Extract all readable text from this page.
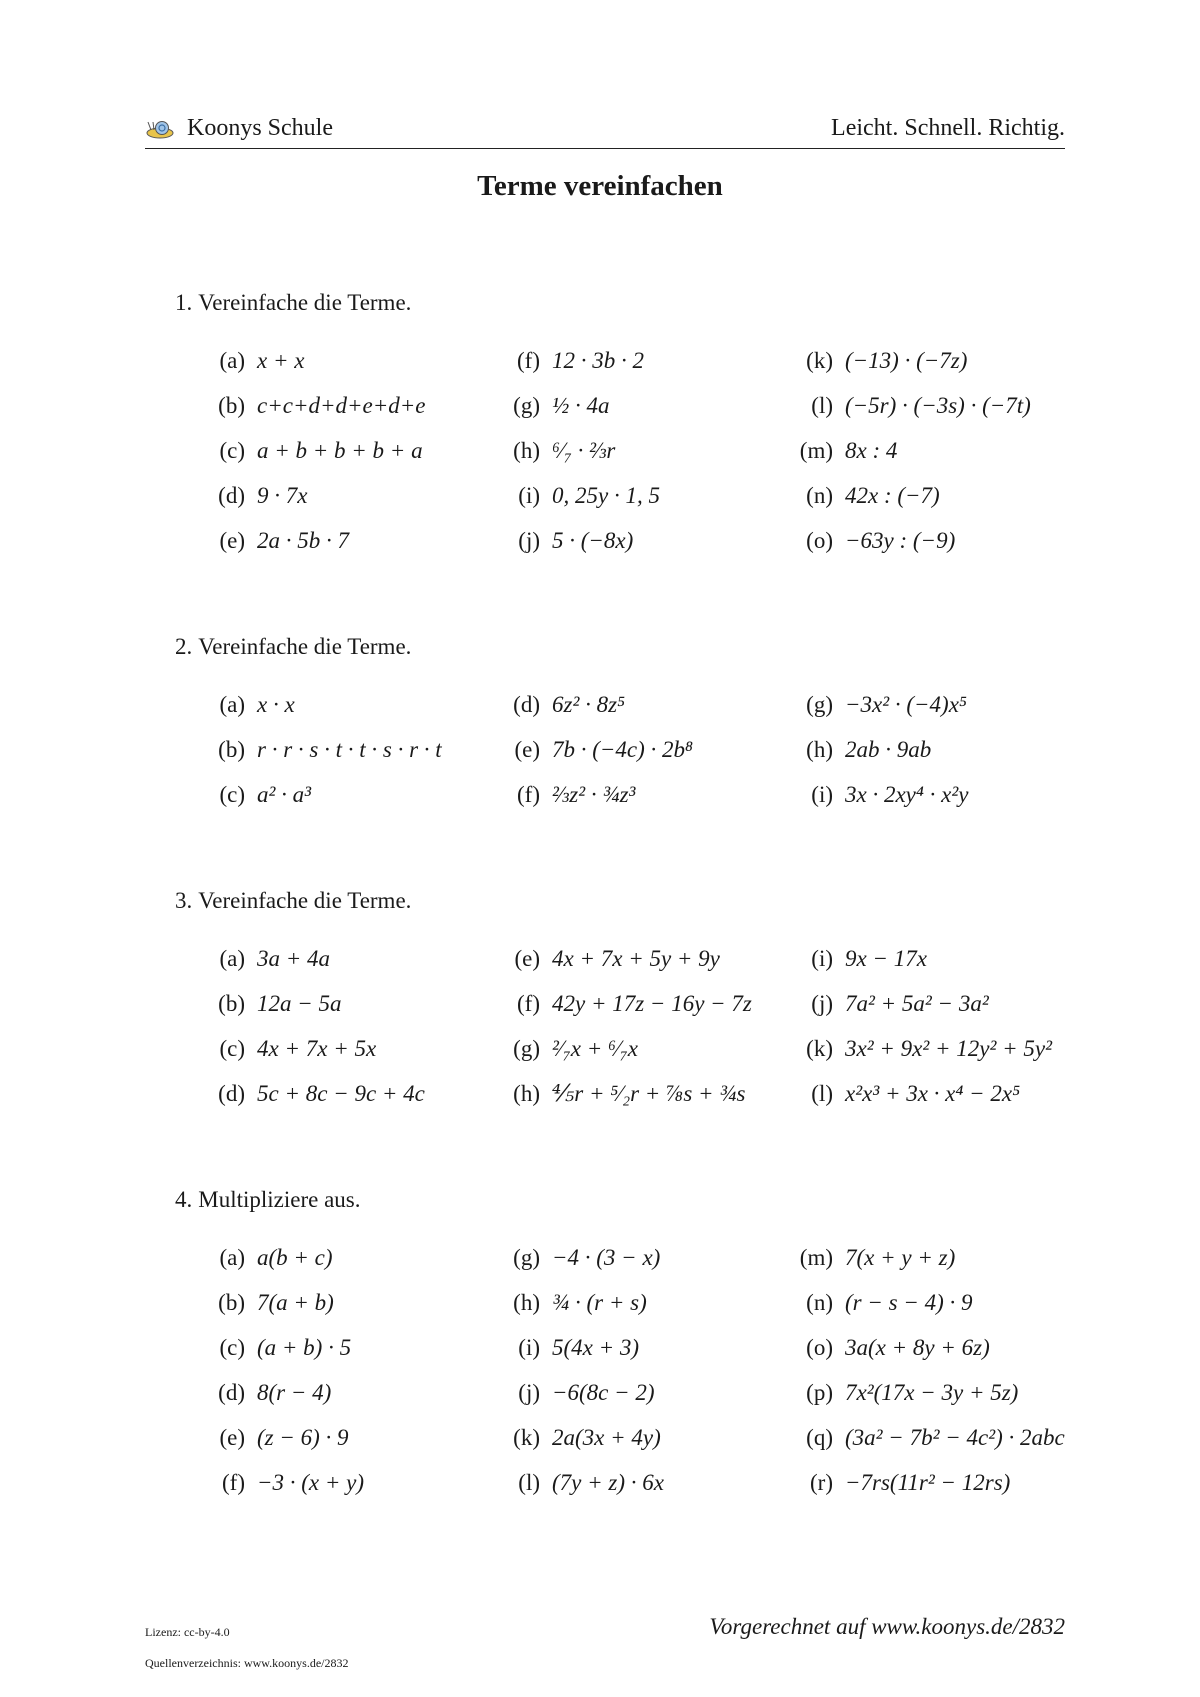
Koonys Schule	Leicht. Schnell. Richtig.
Terme vereinfachen
1. Vereinfache die Terme.
(a) x + x
(b) c+c+d+d+e+d+e
(c) a + b + b + b + a
(d) 9 · 7x
(e) 2a · 5b · 7
(f) 12 · 3b · 2
(g) ½ · 4a
(h) ⁶⁄₇ · ⅔r
(i) 0, 25y · 1, 5
(j) 5 · (−8x)
(k) (−13) · (−7z)
(l) (−5r) · (−3s) · (−7t)
(m) 8x : 4
(n) 42x : (−7)
(o) −63y : (−9)
2. Vereinfache die Terme.
(a) x · x
(b) r · r · s · t · t · s · r · t
(c) a² · a³
(d) 6z² · 8z⁵
(e) 7b · (−4c) · 2b⁸
(f) ⅔z² · ¾z³
(g) −3x² · (−4)x⁵
(h) 2ab · 9ab
(i) 3x · 2xy⁴ · x²y
3. Vereinfache die Terme.
(a) 3a + 4a
(b) 12a − 5a
(c) 4x + 7x + 5x
(d) 5c + 8c − 9c + 4c
(e) 4x + 7x + 5y + 9y
(f) 42y + 17z − 16y − 7z
(g) ²⁄₇x + ⁶⁄₇x
(h) ⅘r + ⁵⁄₂r + ⅞s + ¾s
(i) 9x − 17x
(j) 7a² + 5a² − 3a²
(k) 3x² + 9x² + 12y² + 5y²
(l) x²x³ + 3x · x⁴ − 2x⁵
4. Multipliziere aus.
(a) a(b + c)
(b) 7(a + b)
(c) (a + b) · 5
(d) 8(r − 4)
(e) (z − 6) · 9
(f) −3 · (x + y)
(g) −4 · (3 − x)
(h) ¾ · (r + s)
(i) 5(4x + 3)
(j) −6(8c − 2)
(k) 2a(3x + 4y)
(l) (7y + z) · 6x
(m) 7(x + y + z)
(n) (r − s − 4) · 9
(o) 3a(x + 8y + 6z)
(p) 7x²(17x − 3y + 5z)
(q) (3a² − 7b² − 4c²) · 2abc
(r) −7rs(11r² − 12rs)
Lizenz: cc-by-4.0
Quellenverzeichnis: www.koonys.de/2832
Vorgerechnet auf www.koonys.de/2832
